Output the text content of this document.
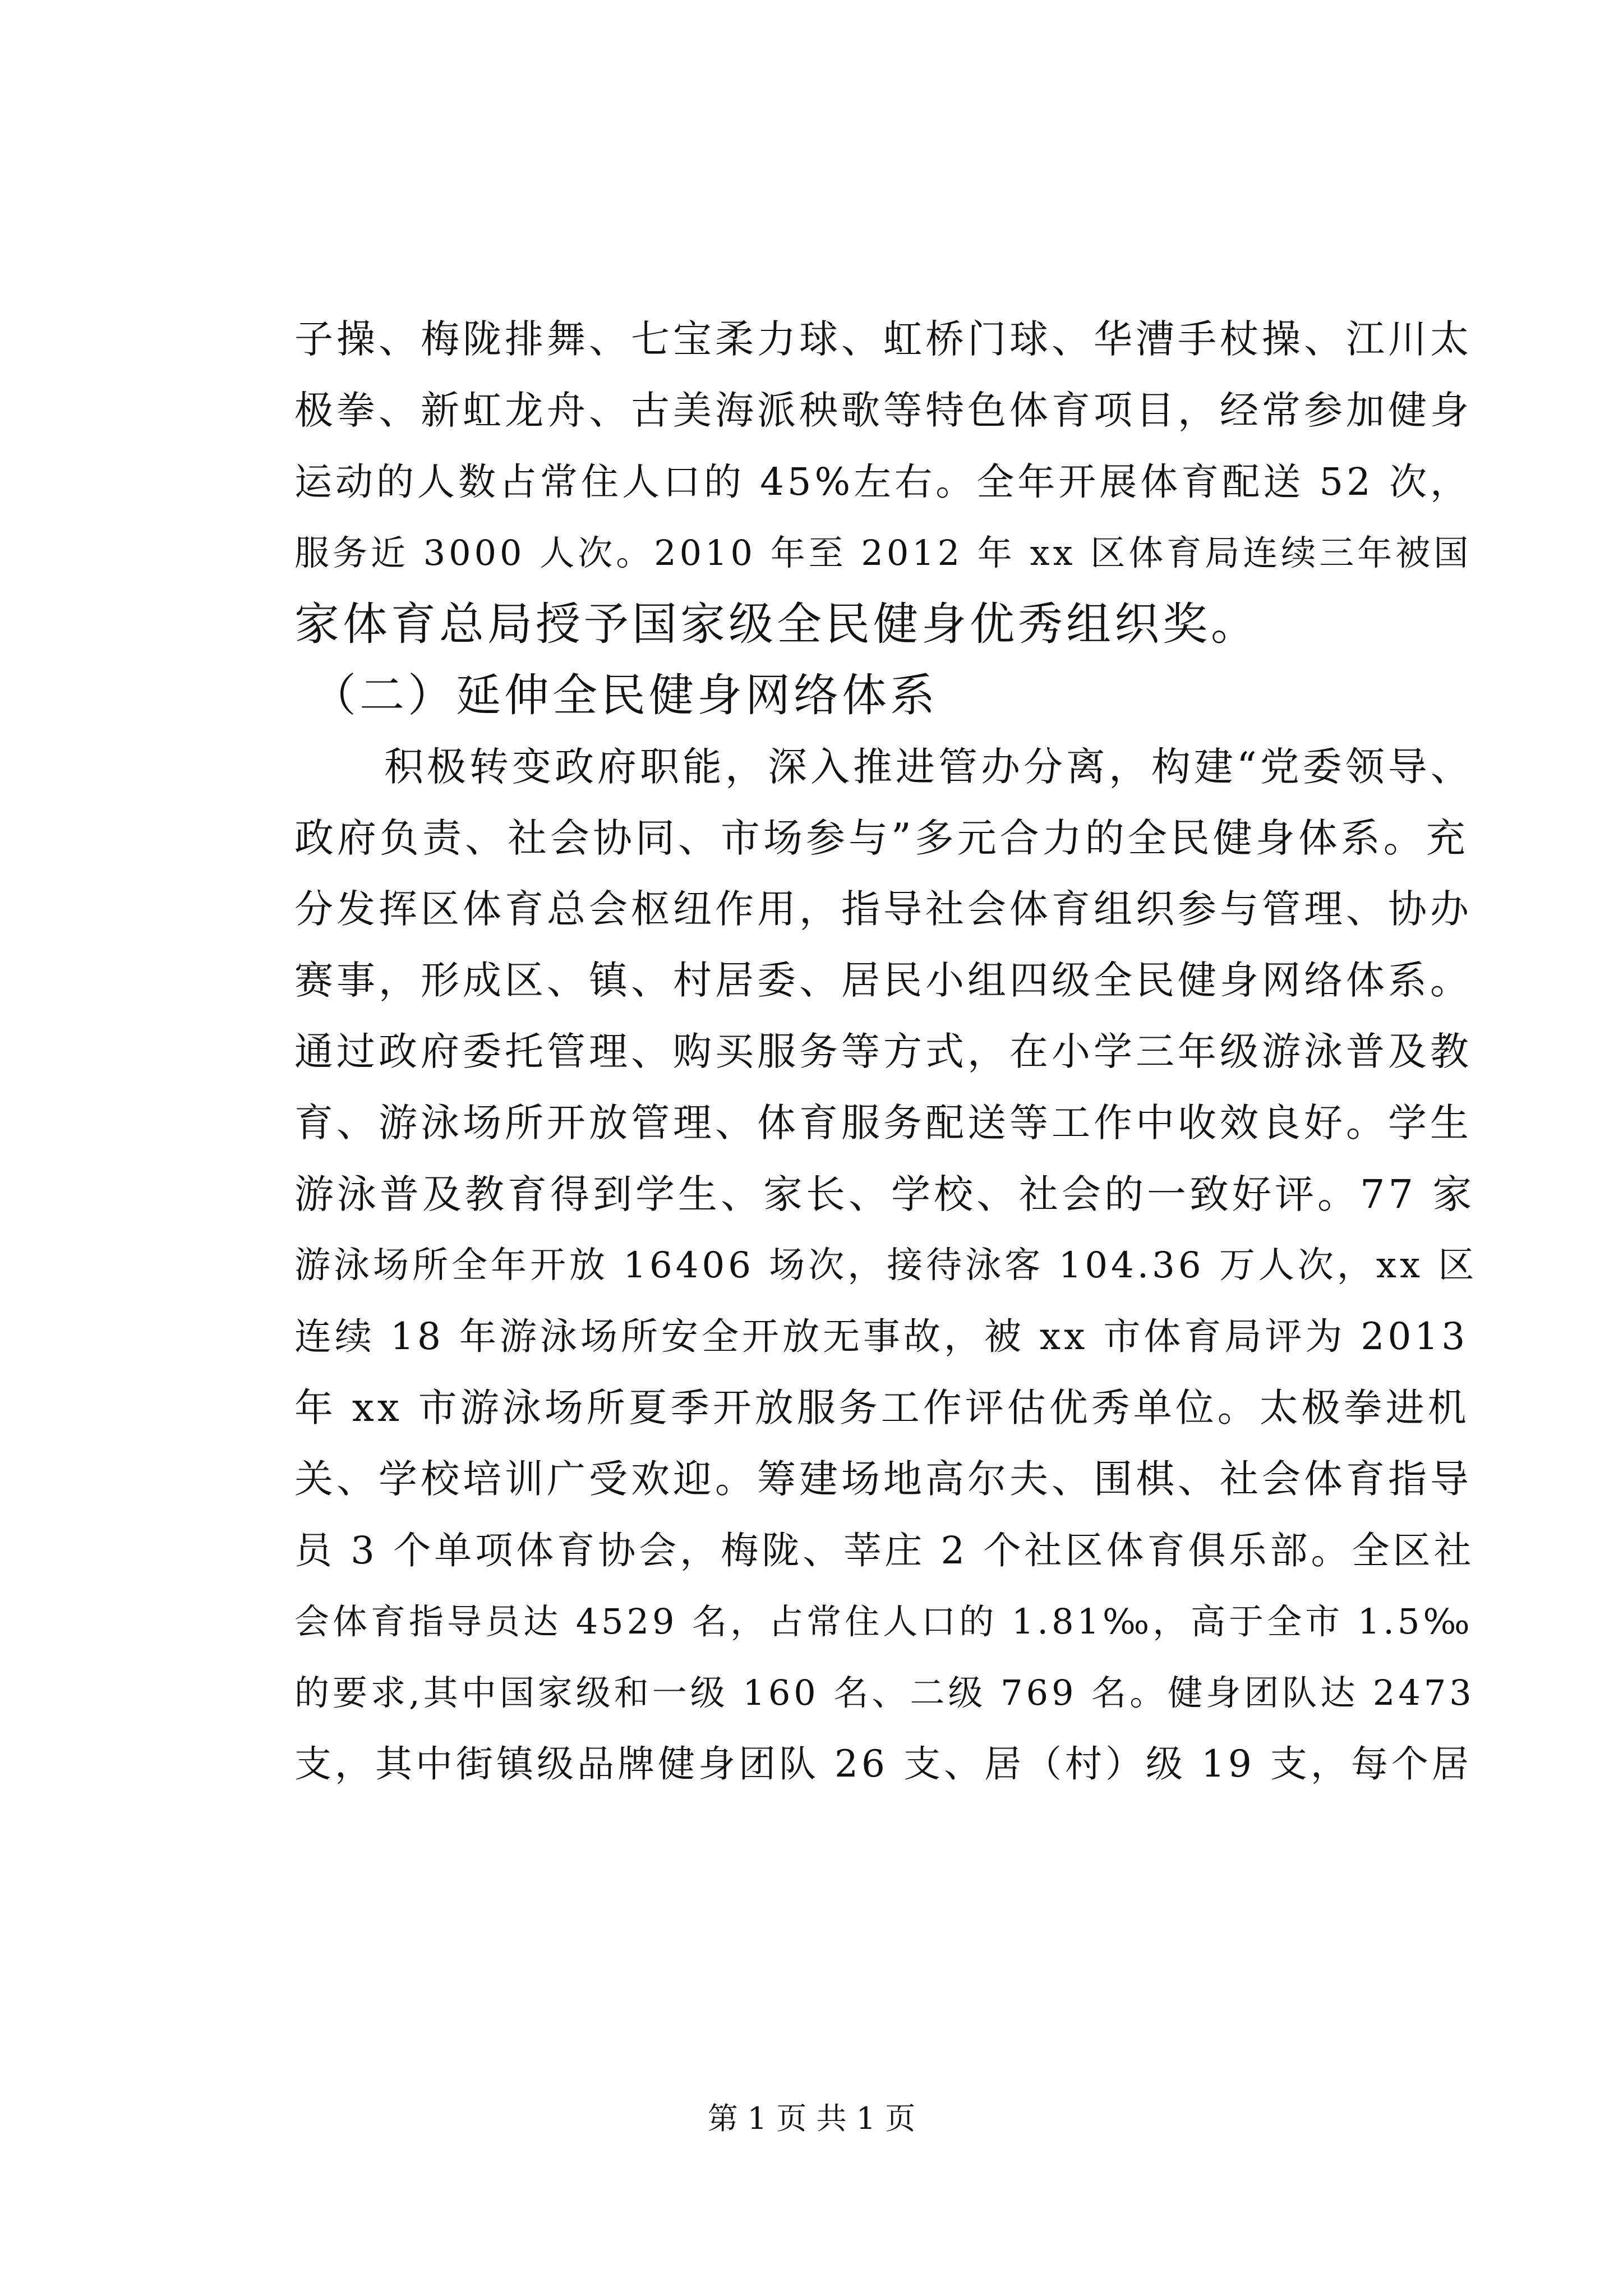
子操、梅陇排舞、七宝柔力球、虹桥门球、华漕手杖操、江川太
极拳、新虹龙舟、古美海派秧歌等特色体育项目，经常参加健身
运动的人数占常住人口的 45%左右。全年开展体育配送 52 次，
服务近 3000 人次。2010 年至 2012 年 xx 区体育局连续三年被国
家体育总局授予国家级全民健身优秀组织奖。
（二）延伸全民健身网络体系
积极转变政府职能，深入推进管办分离，构建“党委领导、
政府负责、社会协同、市场参与”多元合力的全民健身体系。充
分发挥区体育总会枢纽作用，指导社会体育组织参与管理、协办
赛事，形成区、镇、村居委、居民小组四级全民健身网络体系。
通过政府委托管理、购买服务等方式，在小学三年级游泳普及教
育、游泳场所开放管理、体育服务配送等工作中收效良好。学生
游泳普及教育得到学生、家长、学校、社会的一致好评。77 家
游泳场所全年开放 16406 场次，接待泳客 104.36 万人次，xx 区
连续 18 年游泳场所安全开放无事故，被 xx 市体育局评为 2013
年 xx 市游泳场所夏季开放服务工作评估优秀单位。太极拳进机
关、学校培训广受欢迎。筹建场地高尔夫、围棋、社会体育指导
员 3 个单项体育协会，梅陇、莘庄 2 个社区体育俱乐部。全区社
会体育指导员达 4529 名，占常住人口的 1.81‰，高于全市 1.5‰
的要求,其中国家级和一级 160 名、二级 769 名。健身团队达 2473
支，其中街镇级品牌健身团队 26 支、居（村）级 19 支，每个居
第 1 页 共 1 页
